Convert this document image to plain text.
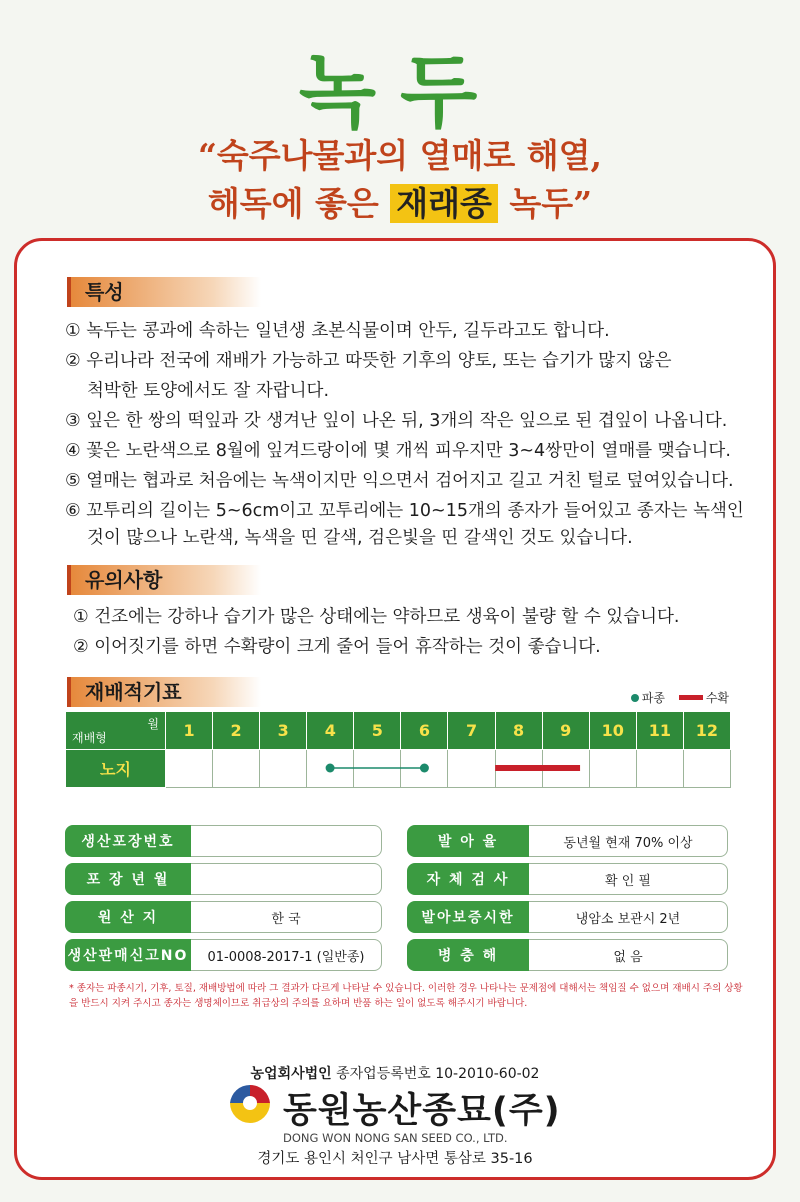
녹두
“숙주나물과의 열매로 해열,
해독에 좋은 재래종 녹두”
특성
① 녹두는 콩과에 속하는 일년생 초본식물이며 안두, 길두라고도 합니다.
② 우리나라 전국에 재배가 가능하고 따뜻한 기후의 양토, 또는 습기가 많지 않은
척박한 토양에서도 잘 자랍니다.
③ 잎은 한 쌍의 떡잎과 갓 생겨난 잎이 나온 뒤, 3개의 작은 잎으로 된 겹잎이 나옵니다.
④ 꽃은 노란색으로 8월에 잎겨드랑이에 몇 개씩 피우지만 3~4쌍만이 열매를 맺습니다.
⑤ 열매는 협과로 처음에는 녹색이지만 익으면서 검어지고 길고 거친 털로 덮여있습니다.
⑥ 꼬투리의 길이는 5~6cm이고 꼬투리에는 10~15개의 종자가 들어있고 종자는 녹색인
것이 많으나 노란색, 녹색을 띤 갈색, 검은빛을 띤 갈색인 것도 있습니다.
유의사항
① 건조에는 강하나 습기가 많은 상태에는 약하므로 생육이 불량 할 수 있습니다.
② 이어짓기를 하면 수확량이 크게 줄어 들어 휴작하는 것이 좋습니다.
재배적기표	파종	수확
월
재배형	1	2	3	4	5	6	7	8	9	10	11	12
노지												
생산포장번호
포 장 년 월
원 산 지	한 국
생산판매신고NO	01-0008-2017-1 (일반종)
발 아 율	동년월 현재 70% 이상
자 체 검 사	확 인 필
발아보증시한	냉암소 보관시 2년
병 충 해	없 음
* 종자는 파종시기, 기후, 토질, 재배방법에 따라 그 결과가 다르게 나타날 수 있습니다. 이러한 경우 나타나는 문제점에 대해서는 책임질 수 없으며 재배시 주의 상황을 반드시 지켜 주시고 종자는 생명체이므로 취급상의 주의를 요하며 반품 하는 일이 없도록 해주시기 바랍니다.
농업회사법인 종자업등록번호 10-2010-60-02
동원농산종묘(주)
DONG WON NONG SAN SEED CO., LTD.
경기도 용인시 처인구 남사면 통삼로 35-16
